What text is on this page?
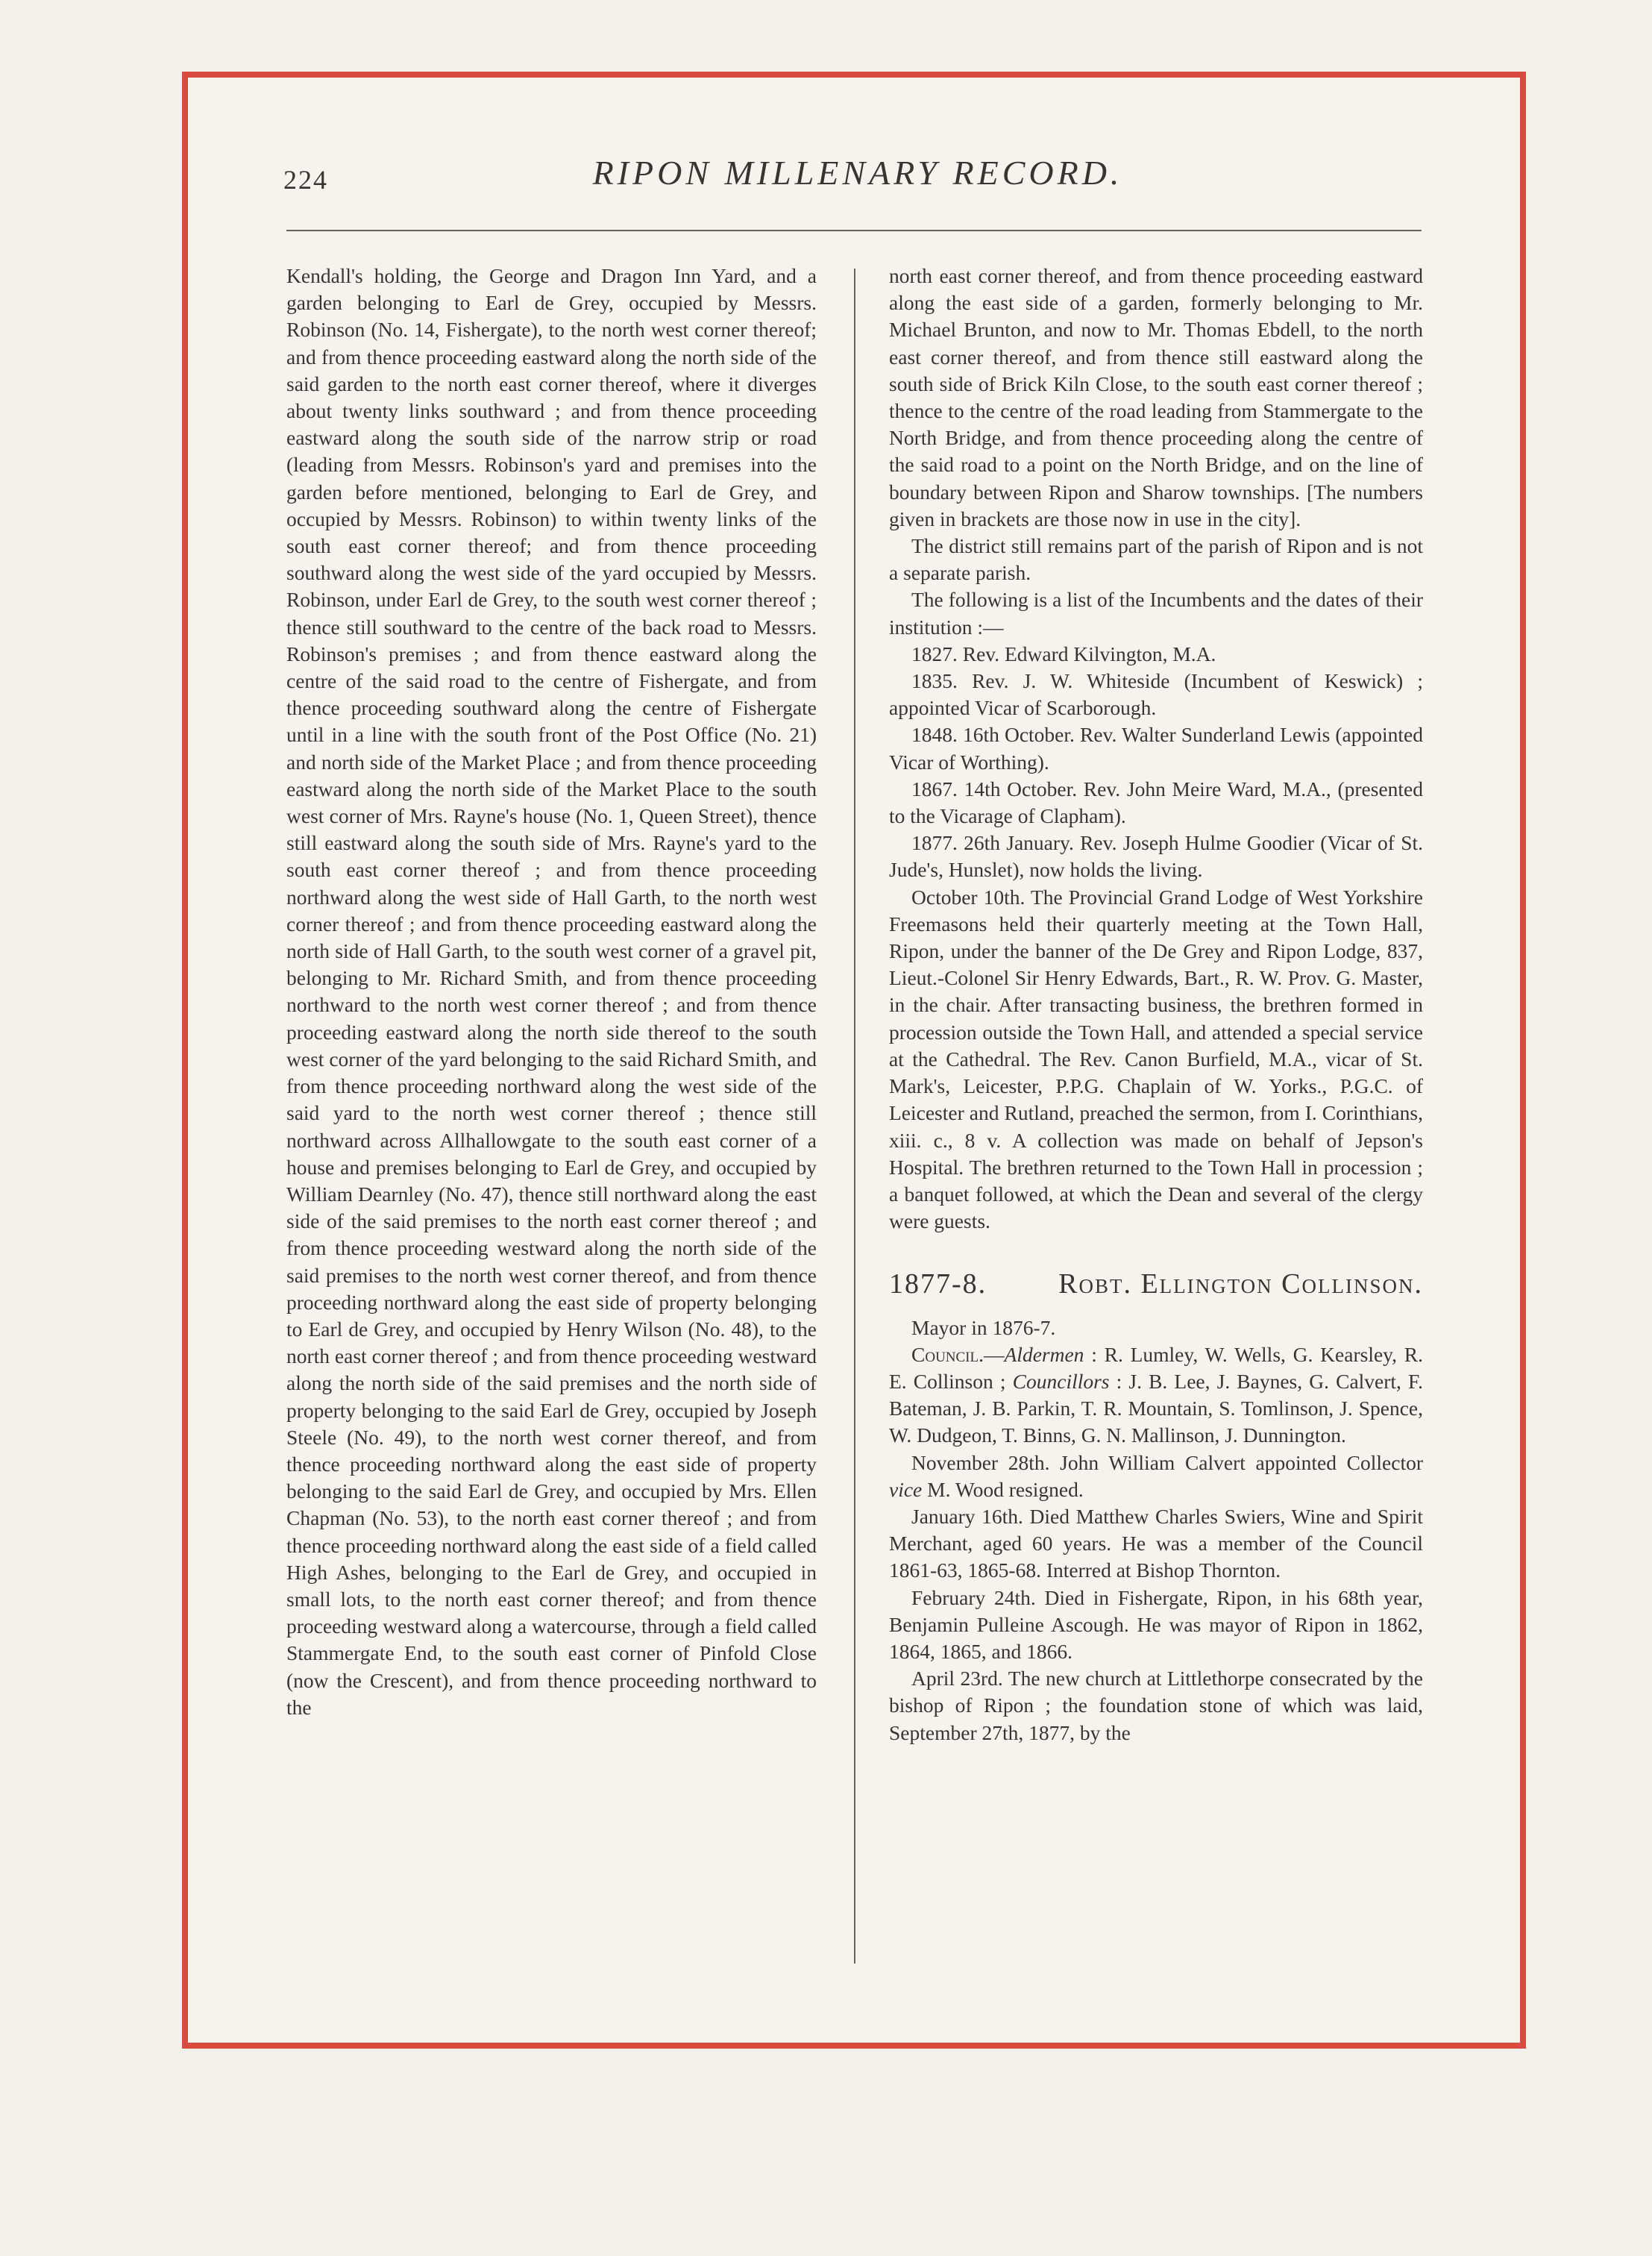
224	RIPON MILLENARY RECORD.

Kendall's holding, the George and Dragon Inn Yard, and a garden belonging to Earl de Grey, occupied by Messrs. Robinson (No. 14, Fishergate), to the north west corner thereof; and from thence proceeding eastward along the north side of the said garden to the north east corner thereof, where it diverges about twenty links southward ; and from thence proceeding eastward along the south side of the narrow strip or road (leading from Messrs. Robinson's yard and premises into the garden before mentioned, belonging to Earl de Grey, and occupied by Messrs. Robinson) to within twenty links of the south east corner thereof; and from thence proceeding southward along the west side of the yard occupied by Messrs. Robinson, under Earl de Grey, to the south west corner thereof ; thence still southward to the centre of the back road to Messrs. Robinson's premises ; and from thence eastward along the centre of the said road to the centre of Fishergate, and from thence proceeding southward along the centre of Fishergate until in a line with the south front of the Post Office (No. 21) and north side of the Market Place ; and from thence proceeding eastward along the north side of the Market Place to the south west corner of Mrs. Rayne's house (No. 1, Queen Street), thence still eastward along the south side of Mrs. Rayne's yard to the south east corner thereof ; and from thence proceeding northward along the west side of Hall Garth, to the north west corner thereof ; and from thence proceeding eastward along the north side of Hall Garth, to the south west corner of a gravel pit, belonging to Mr. Richard Smith, and from thence proceeding northward to the north west corner thereof ; and from thence proceeding eastward along the north side thereof to the south west corner of the yard belonging to the said Richard Smith, and from thence proceeding northward along the west side of the said yard to the north west corner thereof ; thence still northward across Allhallowgate to the south east corner of a house and premises belonging to Earl de Grey, and occupied by William Dearnley (No. 47), thence still northward along the east side of the said premises to the north east corner thereof ; and from thence proceeding westward along the north side of the said premises to the north west corner thereof, and from thence proceeding northward along the east side of property belonging to Earl de Grey, and occupied by Henry Wilson (No. 48), to the north east corner thereof ; and from thence proceeding westward along the north side of the said premises and the north side of property belonging to the said Earl de Grey, occupied by Joseph Steele (No. 49), to the north west corner thereof, and from thence proceeding northward along the east side of property belonging to the said Earl de Grey, and occupied by Mrs. Ellen Chapman (No. 53), to the north east corner thereof ; and from thence proceeding northward along the east side of a field called High Ashes, belonging to the Earl de Grey, and occupied in small lots, to the north east corner thereof; and from thence proceeding westward along a watercourse, through a field called Stammergate End, to the south east corner of Pinfold Close (now the Crescent), and from thence proceeding northward to the

north east corner thereof, and from thence proceeding eastward along the east side of a garden, formerly belonging to Mr. Michael Brunton, and now to Mr. Thomas Ebdell, to the north east corner thereof, and from thence still eastward along the south side of Brick Kiln Close, to the south east corner thereof ; thence to the centre of the road leading from Stammergate to the North Bridge, and from thence proceeding along the centre of the said road to a point on the North Bridge, and on the line of boundary between Ripon and Sharow townships. [The numbers given in brackets are those now in use in the city].

The district still remains part of the parish of Ripon and is not a separate parish.

The following is a list of the Incumbents and the dates of their institution :—

1827. Rev. Edward Kilvington, M.A.

1835. Rev. J. W. Whiteside (Incumbent of Keswick) ; appointed Vicar of Scarborough.

1848. 16th October. Rev. Walter Sunderland Lewis (appointed Vicar of Worthing).

1867. 14th October. Rev. John Meire Ward, M.A., (presented to the Vicarage of Clapham).

1877. 26th January. Rev. Joseph Hulme Goodier (Vicar of St. Jude's, Hunslet), now holds the living.

October 10th. The Provincial Grand Lodge of West Yorkshire Freemasons held their quarterly meeting at the Town Hall, Ripon, under the banner of the De Grey and Ripon Lodge, 837, Lieut.-Colonel Sir Henry Edwards, Bart., R. W. Prov. G. Master, in the chair. After transacting business, the brethren formed in procession outside the Town Hall, and attended a special service at the Cathedral. The Rev. Canon Burfield, M.A., vicar of St. Mark's, Leicester, P.P.G. Chaplain of W. Yorks., P.G.C. of Leicester and Rutland, preached the sermon, from I. Corinthians, xiii. c., 8 v. A collection was made on behalf of Jepson's Hospital. The brethren returned to the Town Hall in procession ; a banquet followed, at which the Dean and several of the clergy were guests.

1877-8.	Robt. Ellington Collinson.

Mayor in 1876-7.

Council.—Aldermen : R. Lumley, W. Wells, G. Kearsley, R. E. Collinson ; Councillors : J. B. Lee, J. Baynes, G. Calvert, F. Bateman, J. B. Parkin, T. R. Mountain, S. Tomlinson, J. Spence, W. Dudgeon, T. Binns, G. N. Mallinson, J. Dunnington.

November 28th. John William Calvert appointed Collector vice M. Wood resigned.

January 16th. Died Matthew Charles Swiers, Wine and Spirit Merchant, aged 60 years. He was a member of the Council 1861-63, 1865-68. Interred at Bishop Thornton.

February 24th. Died in Fishergate, Ripon, in his 68th year, Benjamin Pulleine Ascough. He was mayor of Ripon in 1862, 1864, 1865, and 1866.

April 23rd. The new church at Littlethorpe consecrated by the bishop of Ripon ; the foundation stone of which was laid, September 27th, 1877, by the
